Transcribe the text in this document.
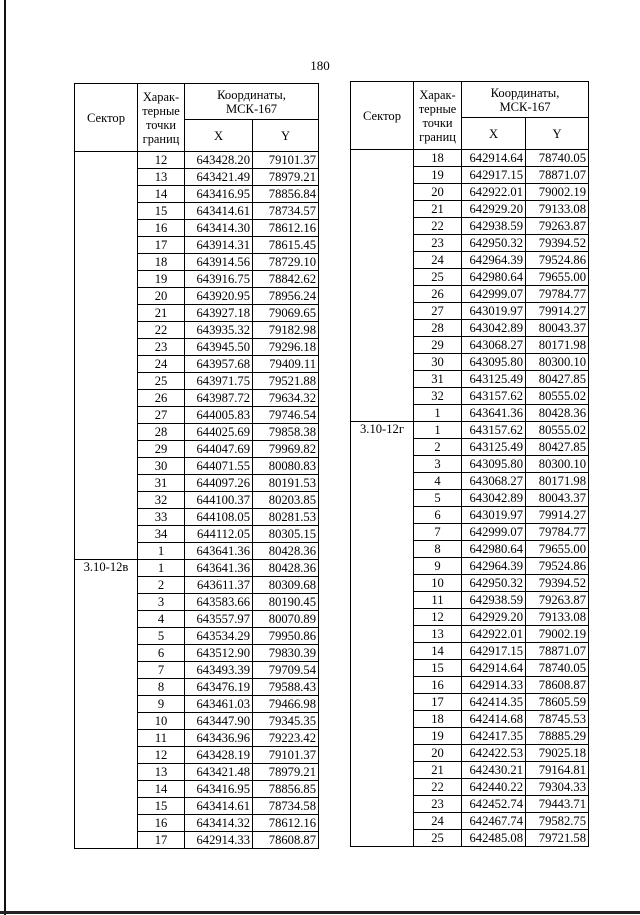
180
Сектор	Харак-
терные
точки
границ	Координаты,
МСК-167	
		X	Y
	12	643428.20	79101.37
	13	643421.49	78979.21
	14	643416.95	78856.84
	15	643414.61	78734.57
	16	643414.30	78612.16
	17	643914.31	78615.45
	18	643914.56	78729.10
	19	643916.75	78842.62
	20	643920.95	78956.24
	21	643927.18	79069.65
	22	643935.32	79182.98
	23	643945.50	79296.18
	24	643957.68	79409.11
	25	643971.75	79521.88
	26	643987.72	79634.32
	27	644005.83	79746.54
	28	644025.69	79858.38
	29	644047.69	79969.82
	30	644071.55	80080.83
	31	644097.26	80191.53
	32	644100.37	80203.85
	33	644108.05	80281.53
	34	644112.05	80305.15
	1	643641.36	80428.36
3.10-12в	1	643641.36	80428.36
	2	643611.37	80309.68
	3	643583.66	80190.45
	4	643557.97	80070.89
	5	643534.29	79950.86
	6	643512.90	79830.39
	7	643493.39	79709.54
	8	643476.19	79588.43
	9	643461.03	79466.98
	10	643447.90	79345.35
	11	643436.96	79223.42
	12	643428.19	79101.37
	13	643421.48	78979.21
	14	643416.95	78856.85
	15	643414.61	78734.58
	16	643414.32	78612.16
	17	642914.33	78608.87
Сектор	Харак-
терные
точки
границ	Координаты,
МСК-167	
		X	Y
	18	642914.64	78740.05
	19	642917.15	78871.07
	20	642922.01	79002.19
	21	642929.20	79133.08
	22	642938.59	79263.87
	23	642950.32	79394.52
	24	642964.39	79524.86
	25	642980.64	79655.00
	26	642999.07	79784.77
	27	643019.97	79914.27
	28	643042.89	80043.37
	29	643068.27	80171.98
	30	643095.80	80300.10
	31	643125.49	80427.85
	32	643157.62	80555.02
	1	643641.36	80428.36
3.10-12г	1	643157.62	80555.02
	2	643125.49	80427.85
	3	643095.80	80300.10
	4	643068.27	80171.98
	5	643042.89	80043.37
	6	643019.97	79914.27
	7	642999.07	79784.77
	8	642980.64	79655.00
	9	642964.39	79524.86
	10	642950.32	79394.52
	11	642938.59	79263.87
	12	642929.20	79133.08
	13	642922.01	79002.19
	14	642917.15	78871.07
	15	642914.64	78740.05
	16	642914.33	78608.87
	17	642414.35	78605.59
	18	642414.68	78745.53
	19	642417.35	78885.29
	20	642422.53	79025.18
	21	642430.21	79164.81
	22	642440.22	79304.33
	23	642452.74	79443.71
	24	642467.74	79582.75
	25	642485.08	79721.58
